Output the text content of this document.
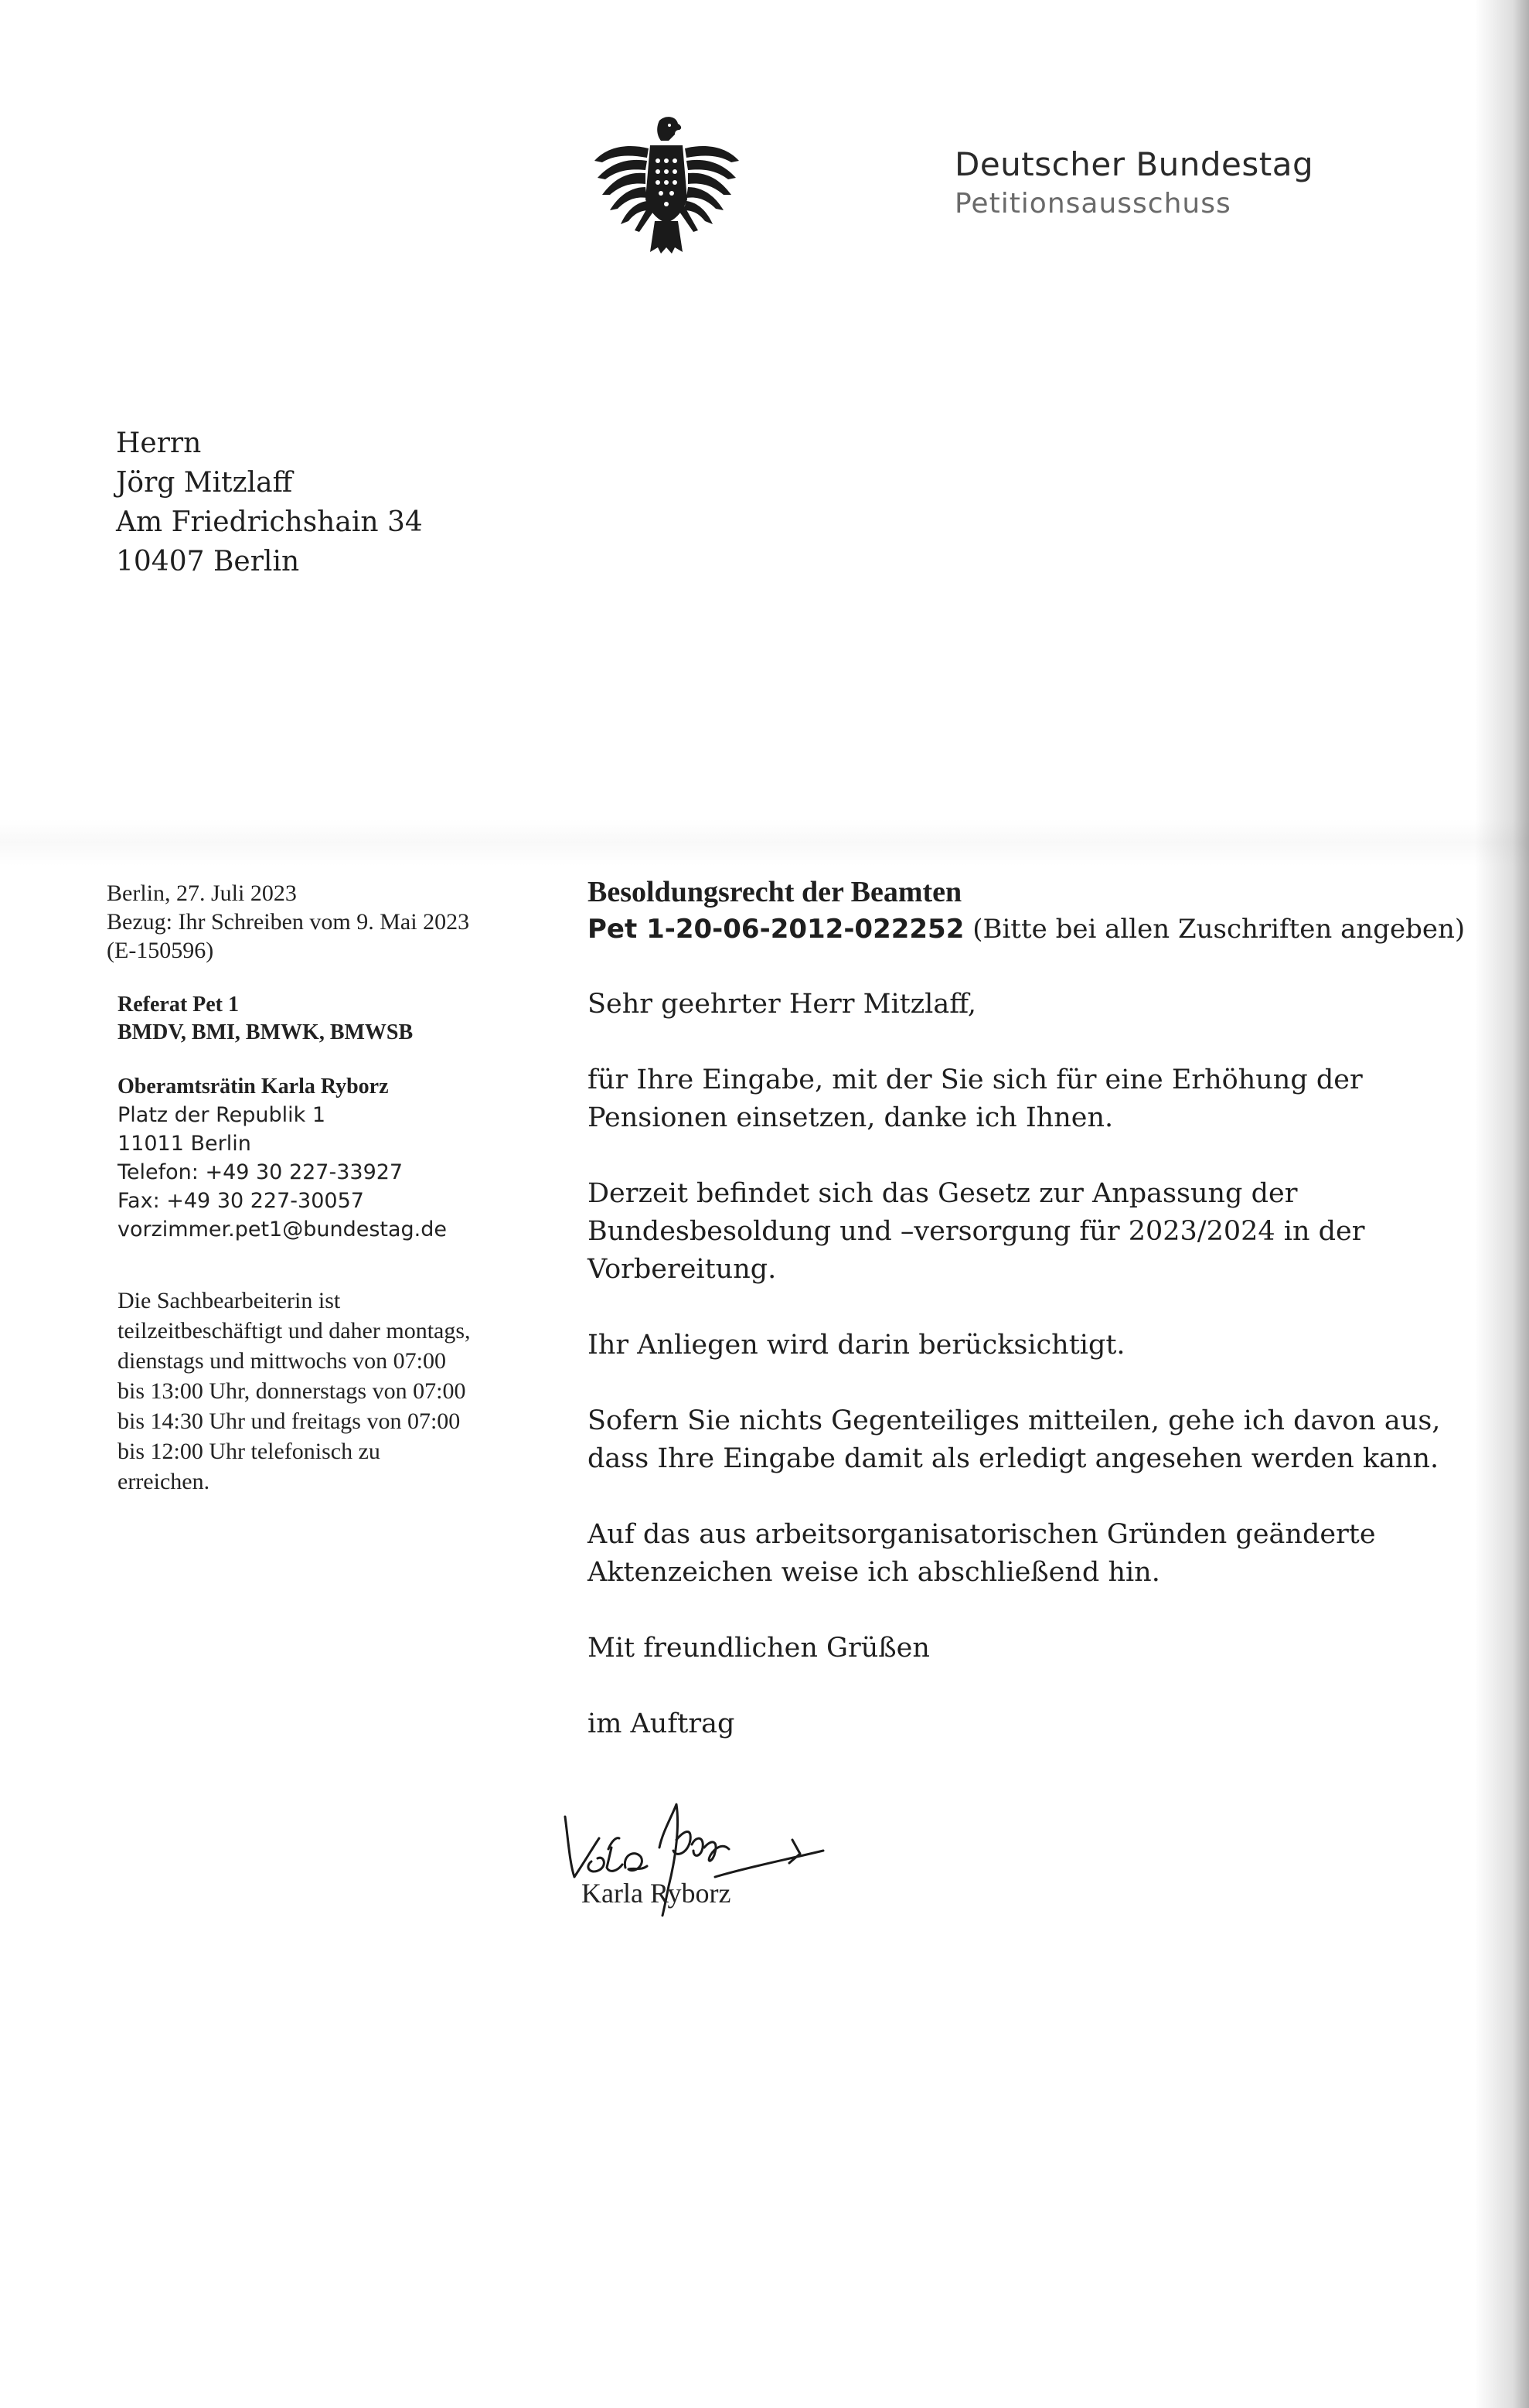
Deutscher Bundestag
Petitionsausschuss
Herrn
Jörg Mitzlaff
Am Friedrichshain 34
10407 Berlin
Berlin, 27. Juli 2023
Bezug: Ihr Schreiben vom 9. Mai 2023
(E-150596)
Referat Pet 1
BMDV, BMI, BMWK, BMWSB
Oberamtsrätin Karla Ryborz
Platz der Republik 1
11011 Berlin
Telefon: +49 30 227-33927
Fax: +49 30 227-30057
vorzimmer.pet1@bundestag.de
Die Sachbearbeiterin ist
teilzeitbeschäftigt und daher montags,
dienstags und mittwochs von 07:00
bis 13:00 Uhr, donnerstags von 07:00
bis 14:30 Uhr und freitags von 07:00
bis 12:00 Uhr telefonisch zu
erreichen.
Besoldungsrecht der Beamten
Pet 1-20-06-2012-022252 (Bitte bei allen Zuschriften angeben)
Sehr geehrter Herr Mitzlaff,
für Ihre Eingabe, mit der Sie sich für eine Erhöhung der
Pensionen einsetzen, danke ich Ihnen.
Derzeit befindet sich das Gesetz zur Anpassung der
Bundesbesoldung und –versorgung für 2023/2024 in der
Vorbereitung.
Ihr Anliegen wird darin berücksichtigt.
Sofern Sie nichts Gegenteiliges mitteilen, gehe ich davon aus,
dass Ihre Eingabe damit als erledigt angesehen werden kann.
Auf das aus arbeitsorganisatorischen Gründen geänderte
Aktenzeichen weise ich abschließend hin.
Mit freundlichen Grüßen
im Auftrag
Karla Ryborz
